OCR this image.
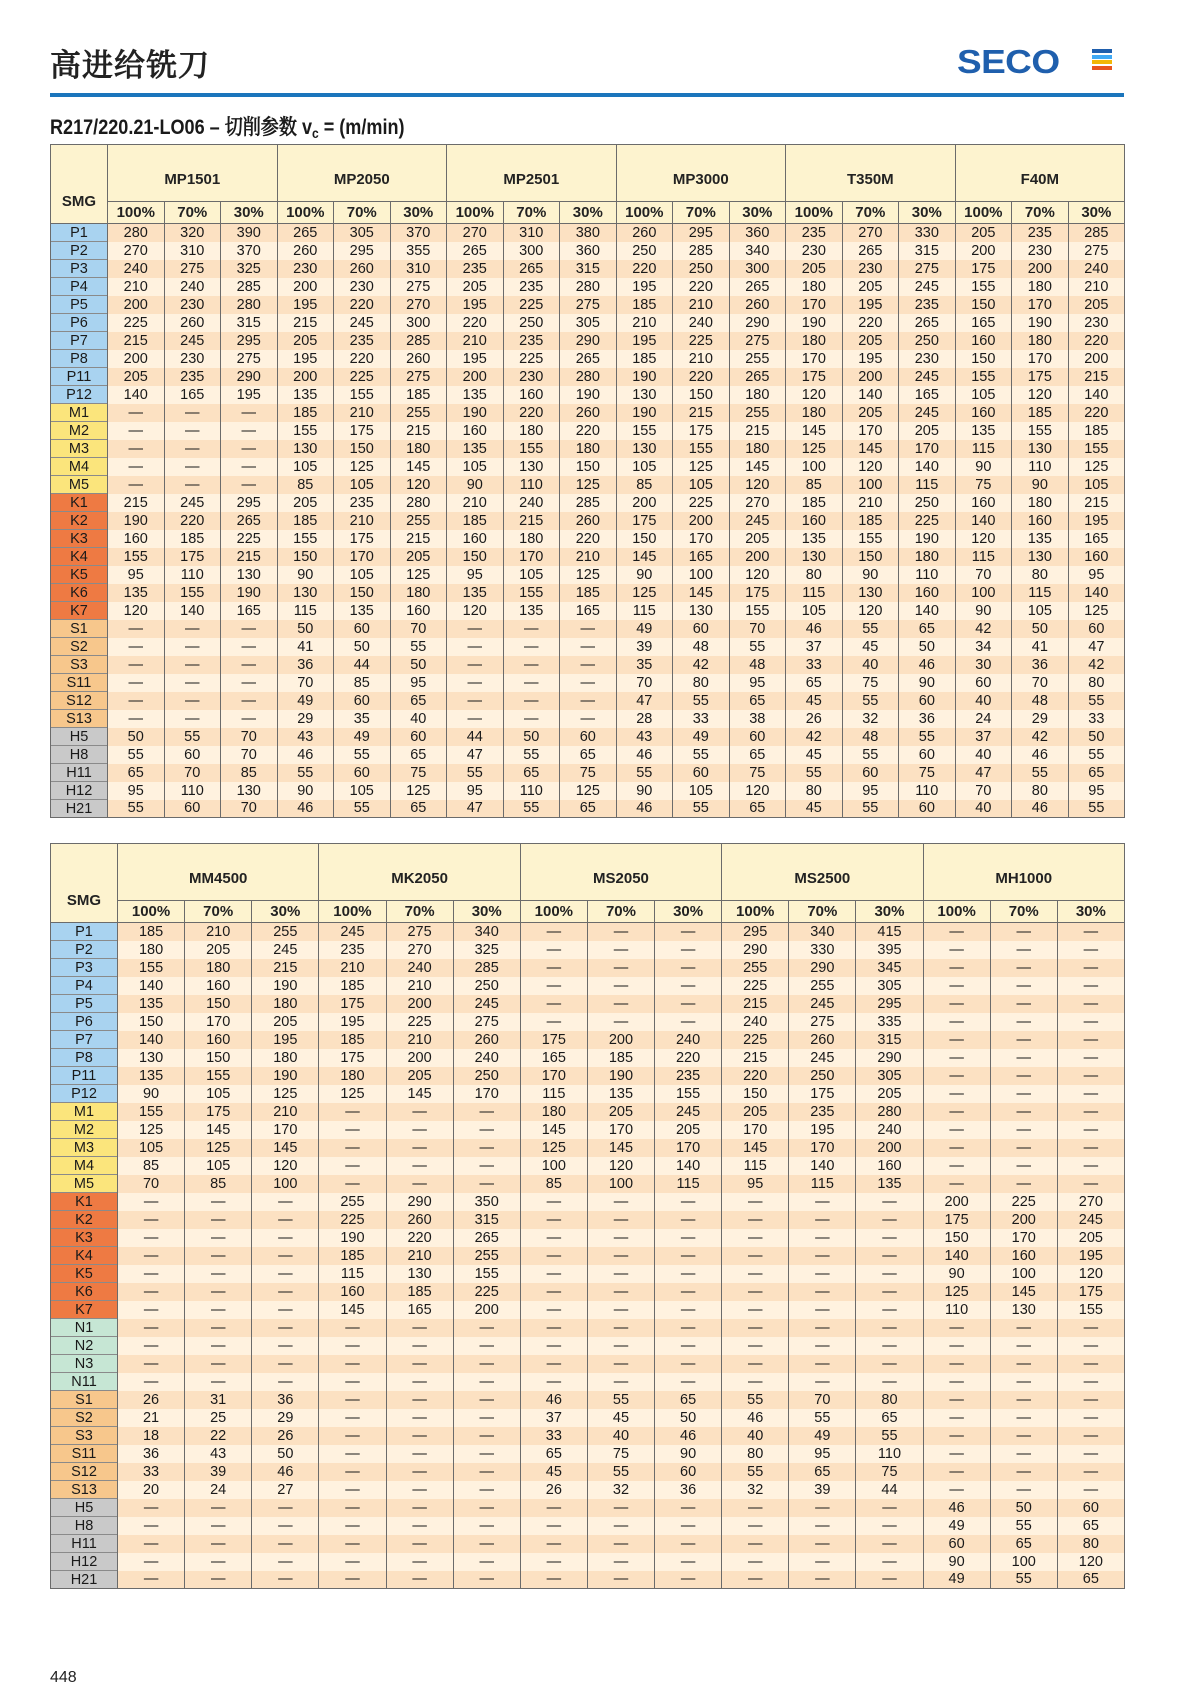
高进给铣刀	SECO
R217/220.21-LO06 – 切削参数 $v_c = (m/\min)$
SMG	MP1501			MP2050			MP2501			MP3000			T350M			F40M		
	100%	70%	30%	100%	70%	30%	100%	70%	30%	100%	70%	30%	100%	70%	30%	100%	70%	30%
P1	280	320	390	265	305	370	270	310	380	260	295	360	235	270	330	205	235	285
P2	270	310	370	260	295	355	265	300	360	250	285	340	230	265	315	200	230	275
P3	240	275	325	230	260	310	235	265	315	220	250	300	205	230	275	175	200	240
P4	210	240	285	200	230	275	205	235	280	195	220	265	180	205	245	155	180	210
P5	200	230	280	195	220	270	195	225	275	185	210	260	170	195	235	150	170	205
P6	225	260	315	215	245	300	220	250	305	210	240	290	190	220	265	165	190	230
P7	215	245	295	205	235	285	210	235	290	195	225	275	180	205	250	160	180	220
P8	200	230	275	195	220	260	195	225	265	185	210	255	170	195	230	150	170	200
P11	205	235	290	200	225	275	200	230	280	190	220	265	175	200	245	155	175	215
P12	140	165	195	135	155	185	135	160	190	130	150	180	120	140	165	105	120	140
M1	—	—	—	185	210	255	190	220	260	190	215	255	180	205	245	160	185	220
M2	—	—	—	155	175	215	160	180	220	155	175	215	145	170	205	135	155	185
M3	—	—	—	130	150	180	135	155	180	130	155	180	125	145	170	115	130	155
M4	—	—	—	105	125	145	105	130	150	105	125	145	100	120	140	90	110	125
M5	—	—	—	85	105	120	90	110	125	85	105	120	85	100	115	75	90	105
K1	215	245	295	205	235	280	210	240	285	200	225	270	185	210	250	160	180	215
K2	190	220	265	185	210	255	185	215	260	175	200	245	160	185	225	140	160	195
K3	160	185	225	155	175	215	160	180	220	150	170	205	135	155	190	120	135	165
K4	155	175	215	150	170	205	150	170	210	145	165	200	130	150	180	115	130	160
K5	95	110	130	90	105	125	95	105	125	90	100	120	80	90	110	70	80	95
K6	135	155	190	130	150	180	135	155	185	125	145	175	115	130	160	100	115	140
K7	120	140	165	115	135	160	120	135	165	115	130	155	105	120	140	90	105	125
S1	—	—	—	50	60	70	—	—	—	49	60	70	46	55	65	42	50	60
S2	—	—	—	41	50	55	—	—	—	39	48	55	37	45	50	34	41	47
S3	—	—	—	36	44	50	—	—	—	35	42	48	33	40	46	30	36	42
S11	—	—	—	70	85	95	—	—	—	70	80	95	65	75	90	60	70	80
S12	—	—	—	49	60	65	—	—	—	47	55	65	45	55	60	40	48	55
S13	—	—	—	29	35	40	—	—	—	28	33	38	26	32	36	24	29	33
H5	50	55	70	43	49	60	44	50	60	43	49	60	42	48	55	37	42	50
H8	55	60	70	46	55	65	47	55	65	46	55	65	45	55	60	40	46	55
H11	65	70	85	55	60	75	55	65	75	55	60	75	55	60	75	47	55	65
H12	95	110	130	90	105	125	95	110	125	90	105	120	80	95	110	70	80	95
H21	55	60	70	46	55	65	47	55	65	46	55	65	45	55	60	40	46	55
SMG	MM4500			MK2050			MS2050			MS2500			MH1000		
	100%	70%	30%	100%	70%	30%	100%	70%	30%	100%	70%	30%	100%	70%	30%
P1	185	210	255	245	275	340	—	—	—	295	340	415	—	—	—
P2	180	205	245	235	270	325	—	—	—	290	330	395	—	—	—
P3	155	180	215	210	240	285	—	—	—	255	290	345	—	—	—
P4	140	160	190	185	210	250	—	—	—	225	255	305	—	—	—
P5	135	150	180	175	200	245	—	—	—	215	245	295	—	—	—
P6	150	170	205	195	225	275	—	—	—	240	275	335	—	—	—
P7	140	160	195	185	210	260	175	200	240	225	260	315	—	—	—
P8	130	150	180	175	200	240	165	185	220	215	245	290	—	—	—
P11	135	155	190	180	205	250	170	190	235	220	250	305	—	—	—
P12	90	105	125	125	145	170	115	135	155	150	175	205	—	—	—
M1	155	175	210	—	—	—	180	205	245	205	235	280	—	—	—
M2	125	145	170	—	—	—	145	170	205	170	195	240	—	—	—
M3	105	125	145	—	—	—	125	145	170	145	170	200	—	—	—
M4	85	105	120	—	—	—	100	120	140	115	140	160	—	—	—
M5	70	85	100	—	—	—	85	100	115	95	115	135	—	—	—
K1	—	—	—	255	290	350	—	—	—	—	—	—	200	225	270
K2	—	—	—	225	260	315	—	—	—	—	—	—	175	200	245
K3	—	—	—	190	220	265	—	—	—	—	—	—	150	170	205
K4	—	—	—	185	210	255	—	—	—	—	—	—	140	160	195
K5	—	—	—	115	130	155	—	—	—	—	—	—	90	100	120
K6	—	—	—	160	185	225	—	—	—	—	—	—	125	145	175
K7	—	—	—	145	165	200	—	—	—	—	—	—	110	130	155
N1	—	—	—	—	—	—	—	—	—	—	—	—	—	—	—
N2	—	—	—	—	—	—	—	—	—	—	—	—	—	—	—
N3	—	—	—	—	—	—	—	—	—	—	—	—	—	—	—
N11	—	—	—	—	—	—	—	—	—	—	—	—	—	—	—
S1	26	31	36	—	—	—	46	55	65	55	70	80	—	—	—
S2	21	25	29	—	—	—	37	45	50	46	55	65	—	—	—
S3	18	22	26	—	—	—	33	40	46	40	49	55	—	—	—
S11	36	43	50	—	—	—	65	75	90	80	95	110	—	—	—
S12	33	39	46	—	—	—	45	55	60	55	65	75	—	—	—
S13	20	24	27	—	—	—	26	32	36	32	39	44	—	—	—
H5	—	—	—	—	—	—	—	—	—	—	—	—	46	50	60
H8	—	—	—	—	—	—	—	—	—	—	—	—	49	55	65
H11	—	—	—	—	—	—	—	—	—	—	—	—	60	65	80
H12	—	—	—	—	—	—	—	—	—	—	—	—	90	100	120
H21	—	—	—	—	—	—	—	—	—	—	—	—	49	55	65
448
